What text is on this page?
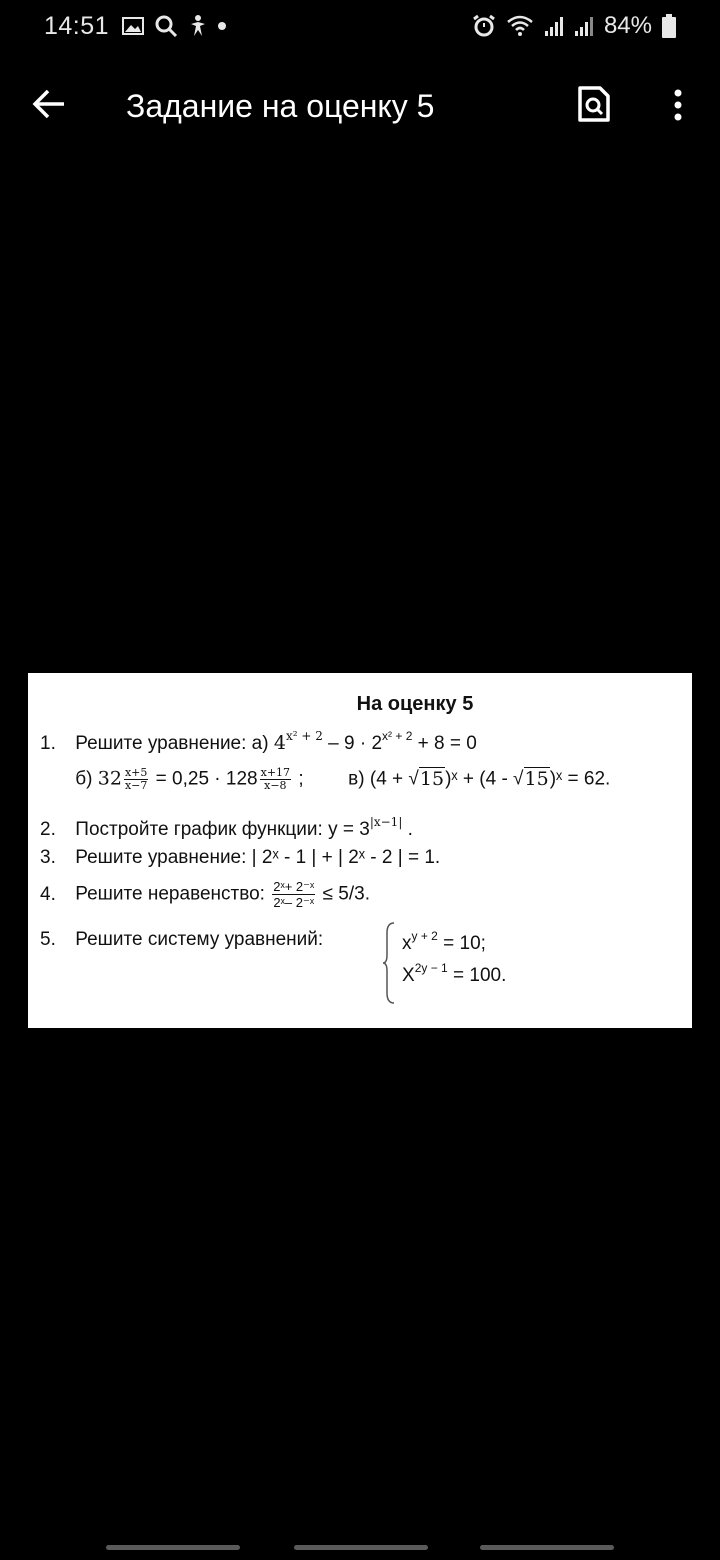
14:51	84%
Задание на оценку 5
На оценку 5
1. Решите уравнение: а) $4^{x^2 + 2} - 9 \cdot 2^{x^2 + 2} + 8 = 0$
б) $32 \frac{x+5}{x-7} = 0,25 \cdot 128 \frac{x+17}{x-8}$ ; в) (4 + √15)ˣ + (4 - √15)ˣ = 62.
2. Постройте график функции: $у = 3^{|x-1|}$ .
3. Решите уравнение: | 2ˣ - 1 | + | 2ˣ - 2 | = 1.
4. Решите неравенство: $\frac{\text{2ˣ+ 2⁻ˣ}}{\text{2ˣ– 2⁻ˣ}} \le 5/3$.
5. Решите систему уравнений:	$x^{y + 2} = 10$;
$X^{2y - 1} = 100$.
